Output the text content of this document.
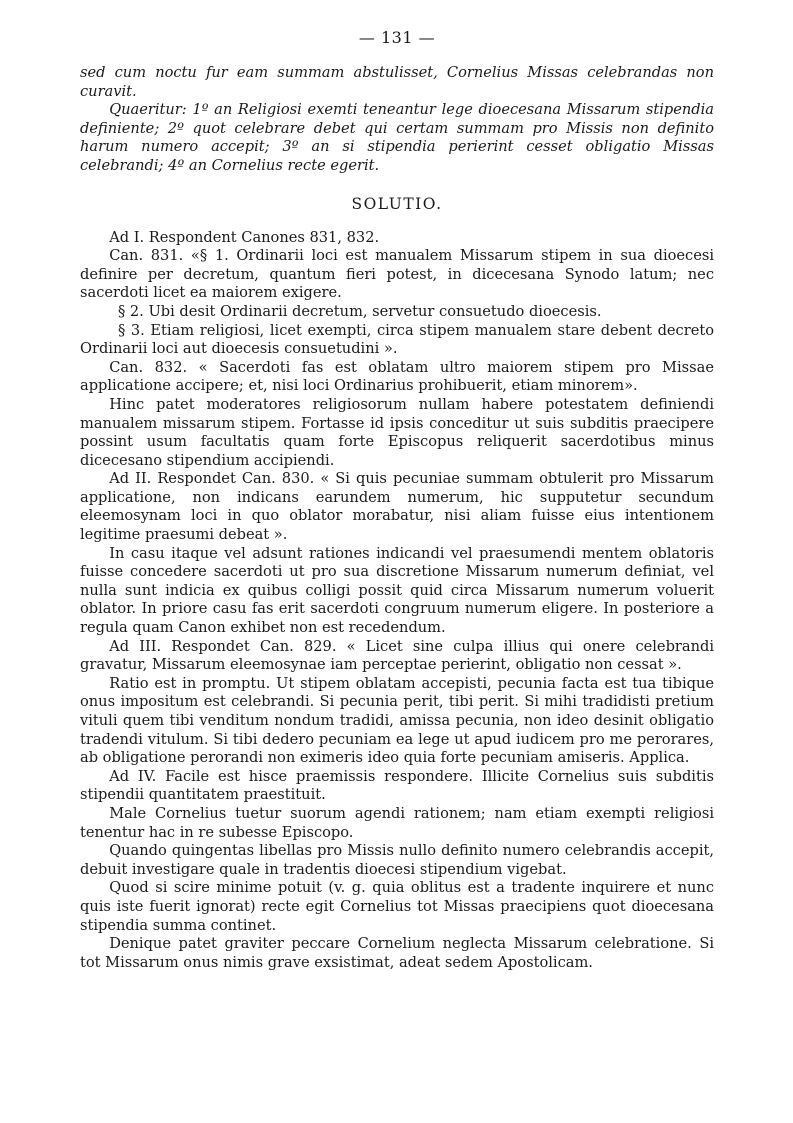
— 131 —

sed cum noctu fur eam summam abstulisset, Cornelius Missas celebrandas non curavit.

Quaeritur: 1º an Religiosi exemti teneantur lege dioecesana Missarum stipendia definiente; 2º quot celebrare debet qui certam summam pro Missis non definito harum numero accepit; 3º an si stipendia perierint cesset obligatio Missas celebrandi; 4º an Cornelius recte egerit.

SOLUTIO.

Ad I. Respondent Canones 831, 832.

Can. 831. «§ 1. Ordinarii loci est manualem Missarum stipem in sua dioecesi definire per decretum, quantum fieri potest, in dicecesana Synodo latum; nec sacerdoti licet ea maiorem exigere.

§ 2. Ubi desit Ordinarii decretum, servetur consuetudo dioecesis.

§ 3. Etiam religiosi, licet exempti, circa stipem manualem stare debent decreto Ordinarii loci aut dioecesis consuetudini ».

Can. 832. « Sacerdoti fas est oblatam ultro maiorem stipem pro Missae applicatione accipere; et, nisi loci Ordinarius prohibuerit, etiam minorem».

Hinc patet moderatores religiosorum nullam habere potestatem definiendi manualem missarum stipem. Fortasse id ipsis conceditur ut suis subditis praecipere possint usum facultatis quam forte Episcopus reliquerit sacerdotibus minus dicecesano stipendium accipiendi.

Ad II. Respondet Can. 830. « Si quis pecuniae summam obtulerit pro Missarum applicatione, non indicans earundem numerum, hic supputetur secundum eleemosynam loci in quo oblator morabatur, nisi aliam fuisse eius intentionem legitime praesumi debeat ».

In casu itaque vel adsunt rationes indicandi vel praesumendi mentem oblatoris fuisse concedere sacerdoti ut pro sua discretione Missarum numerum definiat, vel nulla sunt indicia ex quibus colligi possit quid circa Missarum numerum voluerit oblator. In priore casu fas erit sacerdoti congruum numerum eligere. In posteriore a regula quam Canon exhibet non est recedendum.

Ad III. Respondet Can. 829. « Licet sine culpa illius qui onere celebrandi gravatur, Missarum eleemosynae iam perceptae perierint, obligatio non cessat ».

Ratio est in promptu. Ut stipem oblatam accepisti, pecunia facta est tua tibique onus impositum est celebrandi. Si pecunia perit, tibi perit. Si mihi tradidisti pretium vituli quem tibi venditum nondum tradidi, amissa pecunia, non ideo desinit obligatio tradendi vitulum. Si tibi dedero pecuniam ea lege ut apud iudicem pro me perorares, ab obligatione perorandi non eximeris ideo quia forte pecuniam amiseris. Applica.

Ad IV. Facile est hisce praemissis respondere. Illicite Cornelius suis subditis stipendii quantitatem praestituit.

Male Cornelius tuetur suorum agendi rationem; nam etiam exempti religiosi tenentur hac in re subesse Episcopo.

Quando quingentas libellas pro Missis nullo definito numero celebrandis accepit, debuit investigare quale in tradentis dioecesi stipendium vigebat.

Quod si scire minime potuit (v. g. quia oblitus est a tradente inquirere et nunc quis iste fuerit ignorat) recte egit Cornelius tot Missas praecipiens quot dioecesana stipendia summa continet.

Denique patet graviter peccare Cornelium neglecta Missarum celebratione. Si tot Missarum onus nimis grave exsistimat, adeat sedem Apostolicam.
